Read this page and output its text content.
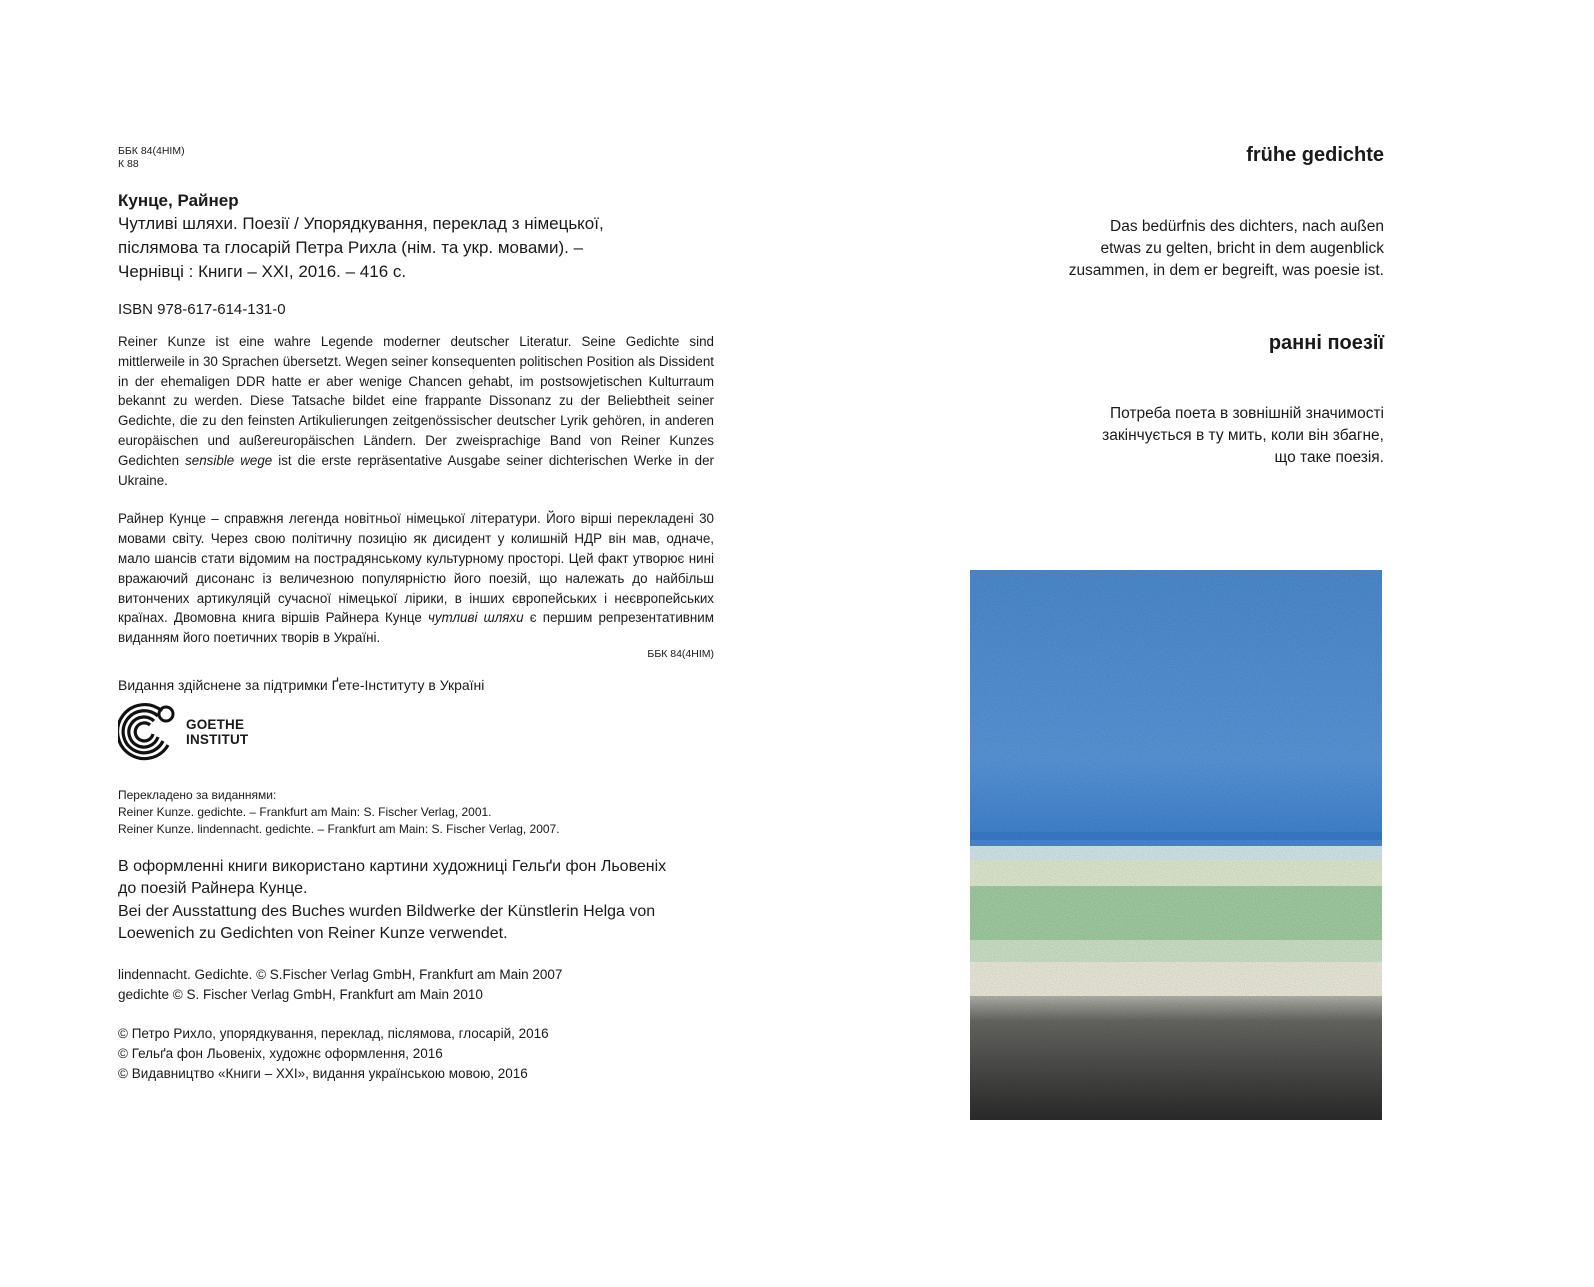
ББК 84(4НІМ)
К 88
Кунце, Райнер
Чутливі шляхи. Поезії / Упорядкування, переклад з німецької,
післямова та глосарій Петра Рихла (нім. та укр. мовами). –
Чернівці : Книги – XXI, 2016. – 416 с.
ISBN 978-617-614-131-0
Reiner Kunze ist eine wahre Legende moderner deutscher Literatur. Seine Gedichte sind mittlerweile in 30 Sprachen übersetzt. Wegen seiner konsequenten politischen Position als Dissident in der ehemaligen DDR hatte er aber wenige Chancen gehabt, im postsowjetischen Kulturraum bekannt zu werden. Diese Tatsache bildet eine frappante Dissonanz zu der Beliebtheit seiner Gedichte, die zu den feinsten Artikulierungen zeitgenössischer deutscher Lyrik gehören, in anderen europäischen und außereuropäischen Ländern. Der zweisprachige Band von Reiner Kunzes Gedichten sensible wege ist die erste repräsentative Ausgabe seiner dichterischen Werke in der Ukraine.
Райнер Кунце – справжня легенда новітньої німецької літератури. Його вірші перекладені 30 мовами світу. Через свою політичну позицію як дисидент у колишній НДР він мав, одначе, мало шансів стати відомим на пострадянському культурному просторі. Цей факт утворює нині вражаючий дисонанс із величезною популярністю його поезій, що належать до найбільш витончених артикуляцій сучасної німецької лірики, в інших європейських і неєвропейських країнах. Двомовна книга віршів Райнера Кунце чутливі шляхи є першим репрезентативним виданням його поетичних творів в Україні.
ББК 84(4НІМ)
Видання здійснене за підтримки Ґете-Інституту в Україні
GOETHE
INSTITUT
Перекладено за виданнями:
Reiner Kunze. gedichte. – Frankfurt am Main: S. Fischer Verlag, 2001.
Reiner Kunze. lindennacht. gedichte. – Frankfurt am Main: S. Fischer Verlag, 2007.
В оформленні книги використано картини художниці Гельґи фон Льовеніх
до поезій Райнера Кунце.
Bei der Ausstattung des Buches wurden Bildwerke der Künstlerin Helga von
Loewenich zu Gedichten von Reiner Kunze verwendet.
lindennacht. Gedichte. © S.Fischer Verlag GmbH, Frankfurt am Main 2007
gedichte © S. Fischer Verlag GmbH, Frankfurt am Main 2010
© Петро Рихло, упорядкування, переклад, післямова, глосарій, 2016
© Гельґа фон Льовеніх, художнє оформлення, 2016
© Видавництво «Книги – XXI», видання українською мовою, 2016
frühe gedichte
Das bedürfnis des dichters, nach außen
etwas zu gelten, bricht in dem augenblick
zusammen, in dem er begreift, was poesie ist.
ранні поезії
Потреба поета в зовнішній значимості
закінчується в ту мить, коли він збагне,
що таке поезія.
